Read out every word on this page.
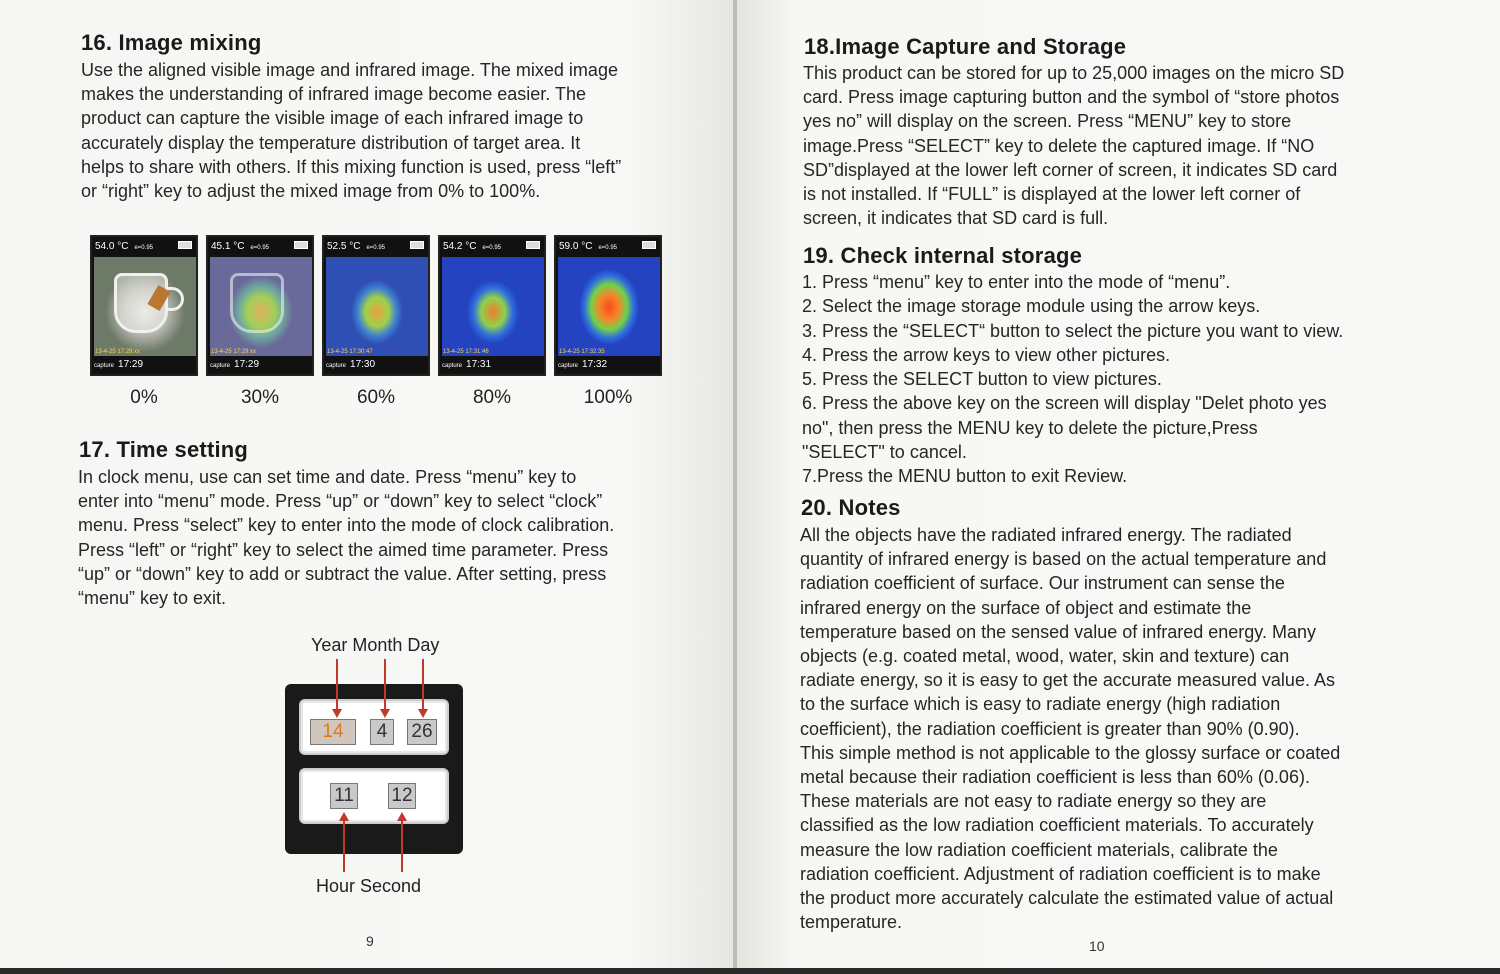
16. Image mixing

Use the aligned visible image and infrared image. The mixed image
makes the understanding of infrared image become easier. The
product can capture the visible image of each infrared image to
accurately display the temperature distribution of target area. It
helps to share with others. If this mixing function is used, press “left”
or “right” key to adjust the mixed image from 0% to 100%.

54.0 °C e=0.95
13-4-25 17:29:xx
capture 17:29
0%
45.1 °C e=0.95
13-4-25 17:29:xx
capture 17:29
30%
52.5 °C e=0.95
13-4-25 17:30:47
capture 17:30
60%
54.2 °C e=0.95
13-4-25 17:31:46
capture 17:31
80%
59.0 °C e=0.95
13-4-25 17:32:35
capture 17:32
100%
17. Time setting

In clock menu, use can set time and date. Press “menu” key to
enter into “menu” mode. Press “up” or “down” key to select “clock”
menu. Press “select” key to enter into the mode of clock calibration.
Press “left” or “right” key to select the aimed time parameter. Press
“up” or “down” key to add or subtract the value. After setting, press
“menu” key to exit.

Year Month Day
14	4	26
11 12
Hour Second
9
18.Image Capture and Storage

This product can be stored for up to 25,000 images on the micro SD
card. Press image capturing button and the symbol of “store photos
yes no” will display on the screen. Press “MENU” key to store
image.Press “SELECT” key to delete the captured image. If “NO
SD”displayed at the lower left corner of screen, it indicates SD card
is not installed. If “FULL” is displayed at the lower left corner of
screen, it indicates that SD card is full.

19. Check internal storage
1. Press “menu” key to enter into the mode of “menu”.
2. Select the image storage module using the arrow keys.
3. Press the “SELECT“ button to select the picture you want to view.
4. Press the arrow keys to view other pictures.
5. Press the SELECT button to view pictures.
6. Press the above key on the screen will display "Delet photo yes
no", then press the MENU key to delete the picture,Press
"SELECT" to cancel.
7.Press the MENU button to exit Review.
20. Notes

All the objects have the radiated infrared energy. The radiated
quantity of infrared energy is based on the actual temperature and
radiation coefficient of surface. Our instrument can sense the
infrared energy on the surface of object and estimate the
temperature based on the sensed value of infrared energy. Many
objects (e.g. coated metal, wood, water, skin and texture) can
radiate energy, so it is easy to get the accurate measured value. As
to the surface which is easy to radiate energy (high radiation
coefficient), the radiation coefficient is greater than 90% (0.90).
This simple method is not applicable to the glossy surface or coated
metal because their radiation coefficient is less than 60% (0.06).
These materials are not easy to radiate energy so they are
classified as the low radiation coefficient materials. To accurately
measure the low radiation coefficient materials, calibrate the
radiation coefficient. Adjustment of radiation coefficient is to make
the product more accurately calculate the estimated value of actual
temperature.

10
